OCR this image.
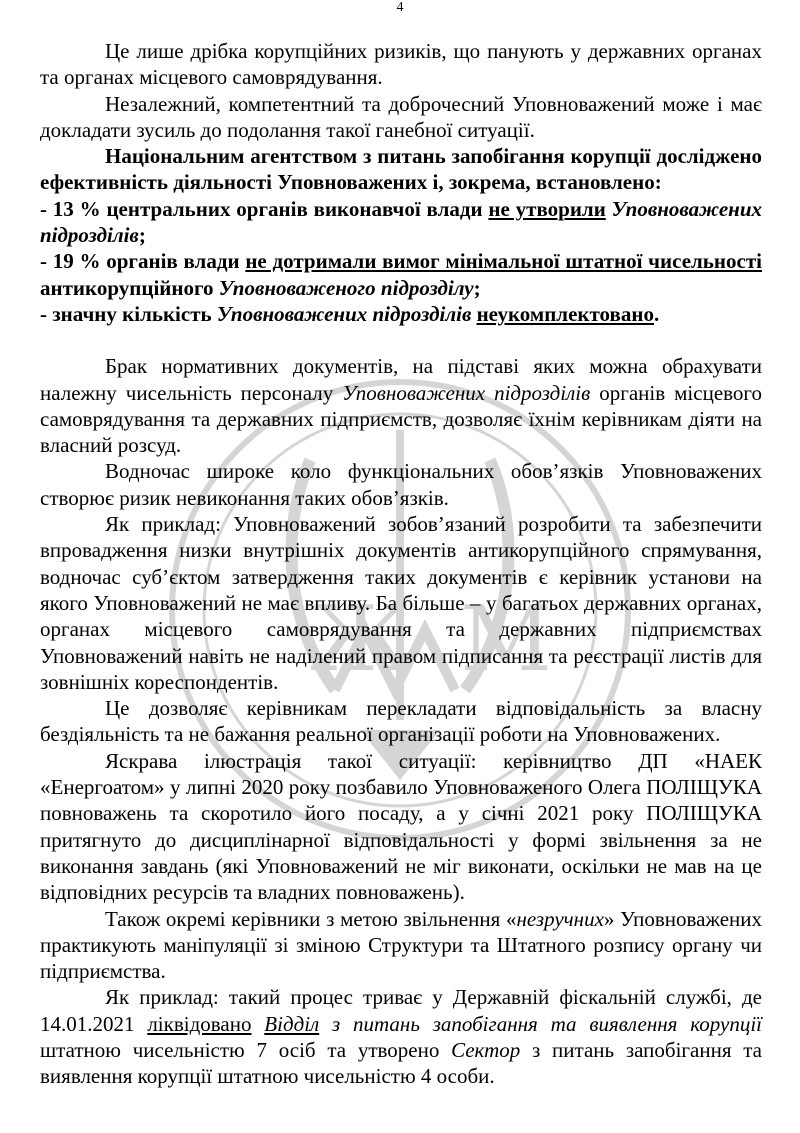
Ж М
4

Це лише дрібка корупційних ризиків, що панують у державних органах та органах місцевого самоврядування.

Незалежний, компетентний та доброчесний Уповноважений може і має докладати зусиль до подолання такої ганебної ситуації.

Національним агентством з питань запобігання корупції досліджено ефективність діяльності Уповноважених і, зокрема, встановлено:

- 13 % центральних органів виконавчої влади не утворили Уповноважених підрозділів;

- 19 % органів влади не дотримали вимог мінімальної штатної чисельності антикорупційного Уповноваженого підрозділу;

- значну кількість Уповноважених підрозділів неукомплектовано.

Брак нормативних документів, на підставі яких можна обрахувати належну чисельність персоналу Уповноважених підрозділів органів місцевого самоврядування та державних підприємств, дозволяє їхнім керівникам діяти на власний розсуд.

Водночас широке коло функціональних обов’язків Уповноважених створює ризик невиконання таких обов’язків.

Як приклад: Уповноважений зобов’язаний розробити та забезпечити впровадження низки внутрішніх документів антикорупційного спрямування, водночас суб’єктом затвердження таких документів є керівник установи на якого Уповноважений не має впливу. Ба більше – у багатьох державних органах, органах місцевого самоврядування та державних підприємствах Уповноважений навіть не наділений правом підписання та реєстрації листів для зовнішніх кореспондентів.

Це дозволяє керівникам перекладати відповідальність за власну бездіяльність та не бажання реальної організації роботи на Уповноважених.

Яскрава ілюстрація такої ситуації: керівництво ДП «НАЕК «Енергоатом» у липні 2020 року позбавило Уповноваженого Олега ПОЛІЩУКА повноважень та скоротило його посаду, а у січні 2021 року ПОЛІЩУКА притягнуто до дисциплінарної відповідальності у формі звільнення за не виконання завдань (які Уповноважений не міг виконати, оскільки не мав на це відповідних ресурсів та владних повноважень).

Також окремі керівники з метою звільнення «незручних» Уповноважених практикують маніпуляції зі зміною Структури та Штатного розпису органу чи підприємства.

Як приклад: такий процес триває у Державній фіскальній службі, де 14.01.2021 ліквідовано Відділ з питань запобігання та виявлення корупції штатною чисельністю 7 осіб та утворено Сектор з питань запобігання та виявлення корупції штатною чисельністю 4 особи.
